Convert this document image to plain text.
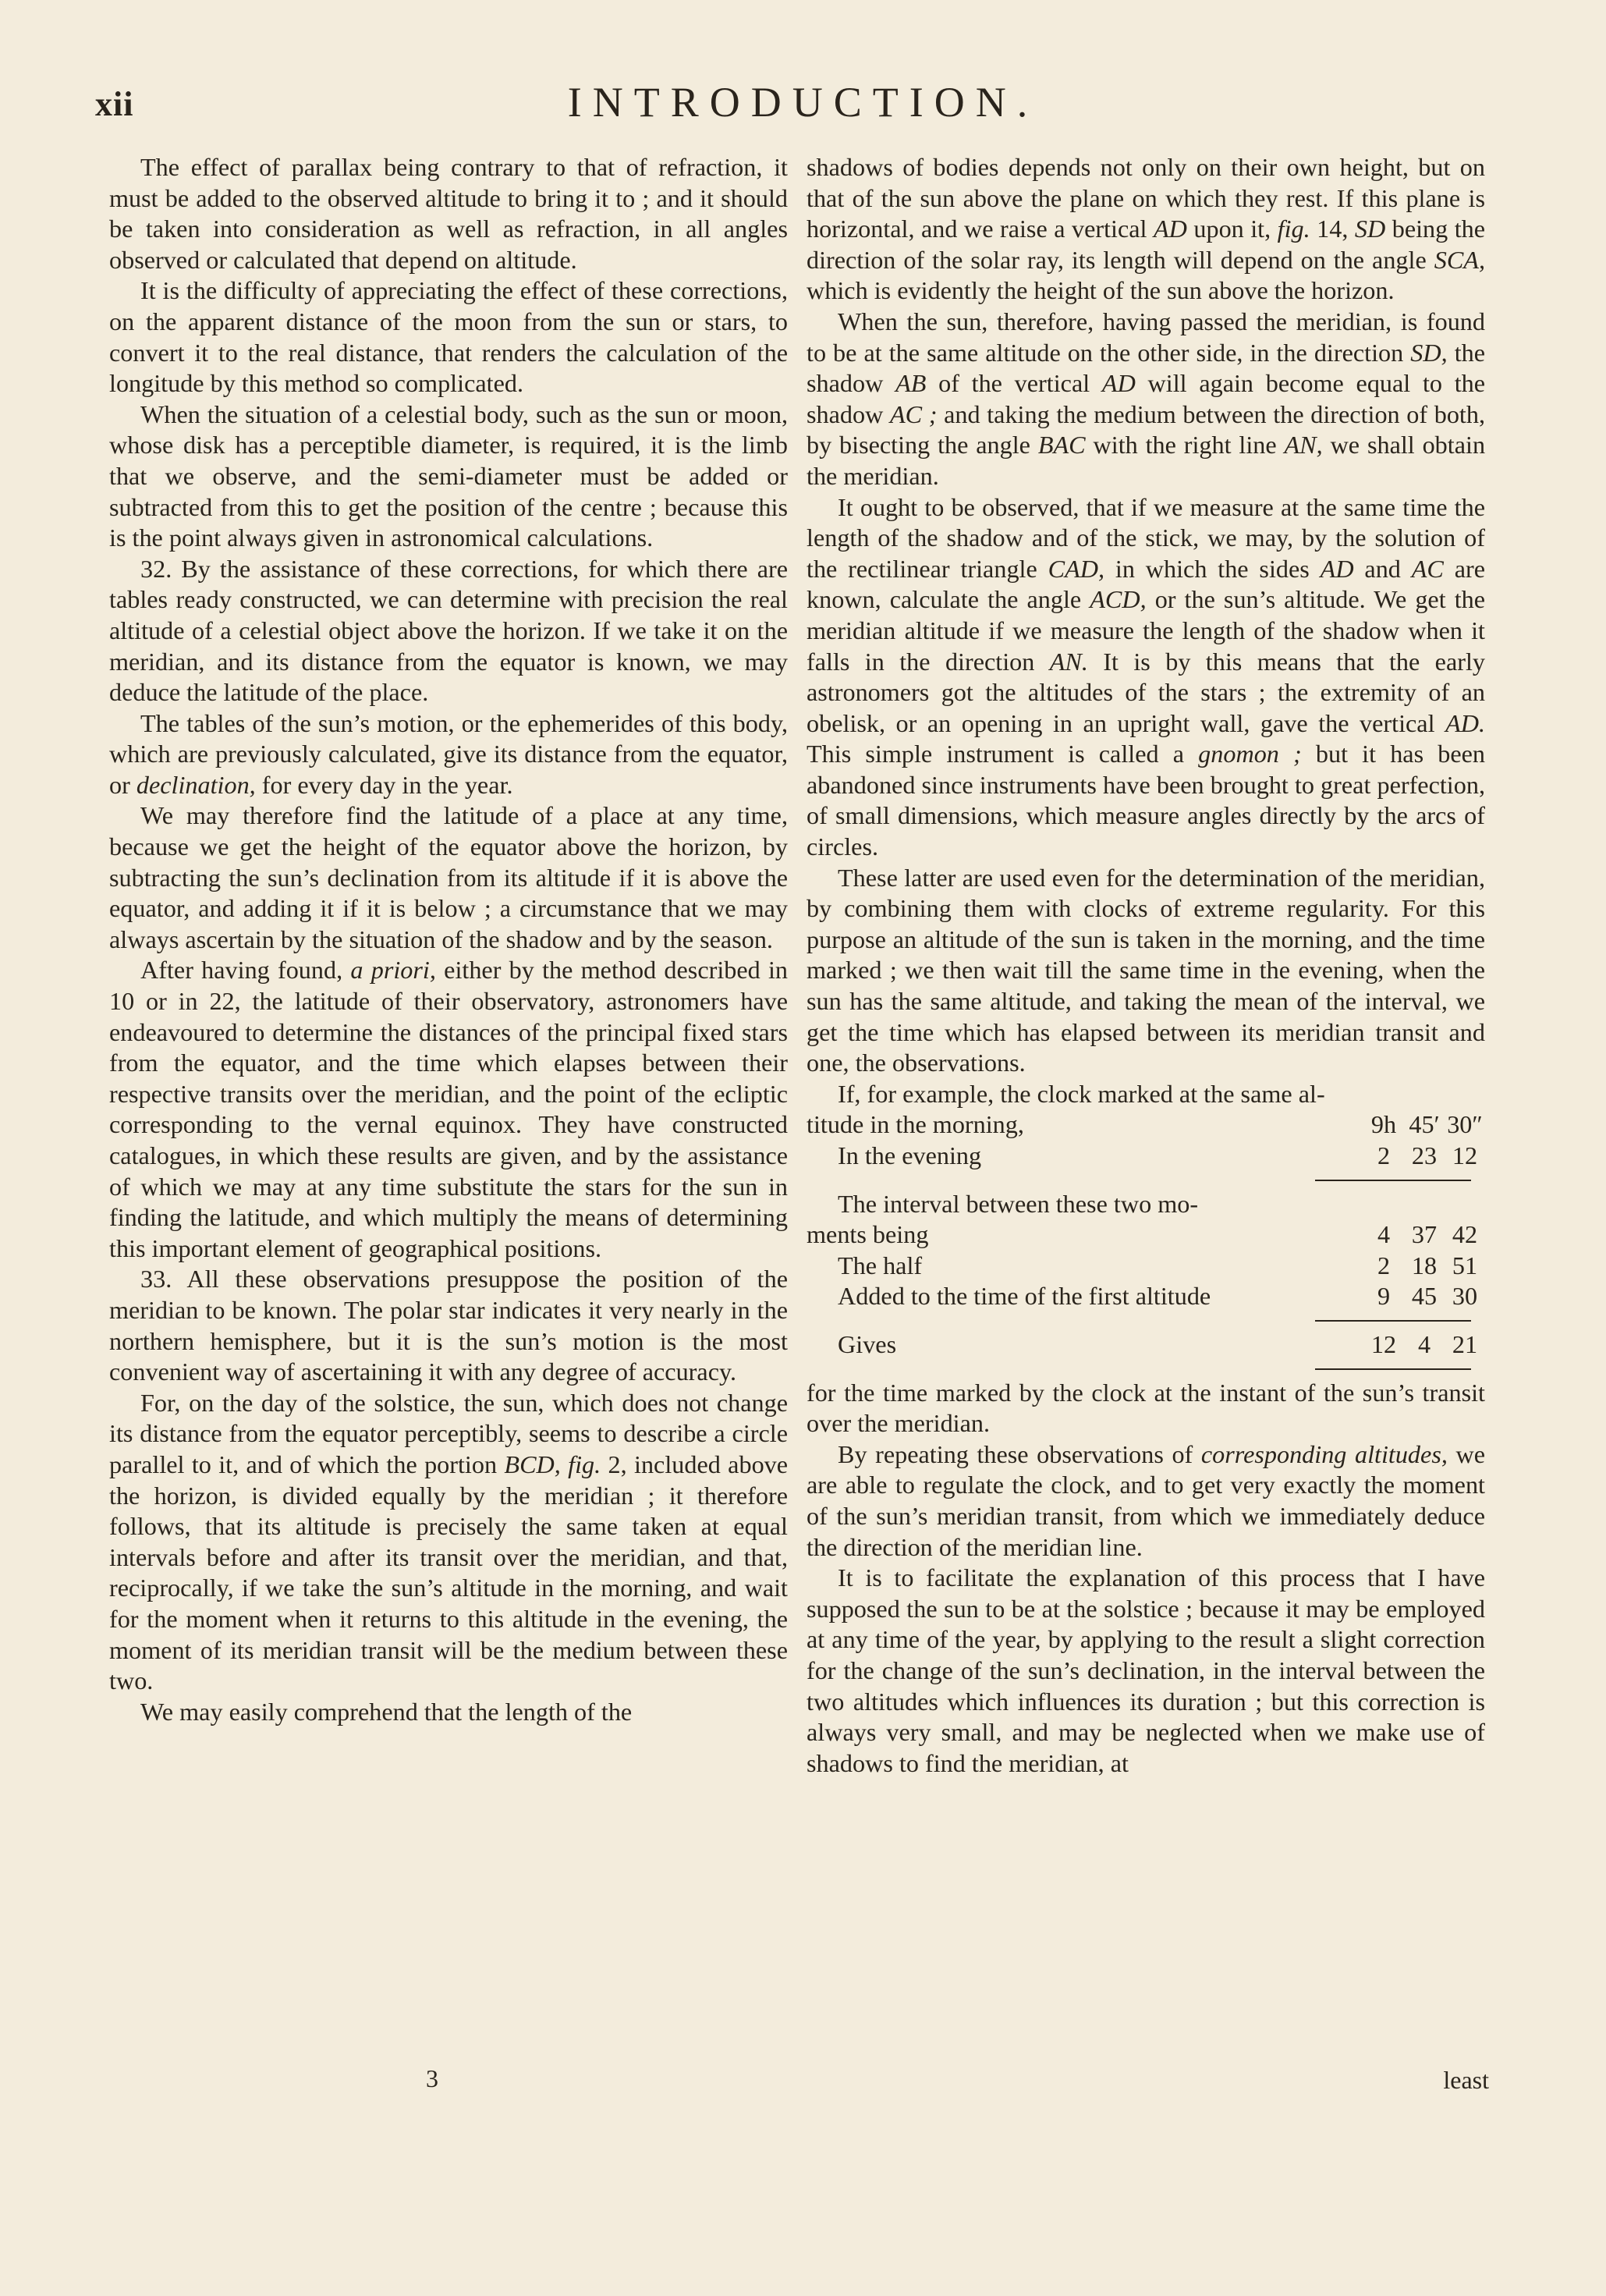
xii	INTRODUCTION.

The effect of parallax being contrary to that of refraction, it must be added to the observed altitude to bring it to ; and it should be taken into consideration as well as refraction, in all angles observed or calculated that depend on altitude.

It is the difficulty of appreciating the effect of these corrections, on the apparent distance of the moon from the sun or stars, to convert it to the real distance, that renders the calculation of the longitude by this method so complicated.

When the situation of a celestial body, such as the sun or moon, whose disk has a perceptible diameter, is required, it is the limb that we observe, and the semi-diameter must be added or subtracted from this to get the position of the centre ; because this is the point always given in astronomical calculations.

32. By the assistance of these corrections, for which there are tables ready constructed, we can determine with precision the real altitude of a celestial object above the horizon. If we take it on the meridian, and its distance from the equator is known, we may deduce the latitude of the place.

The tables of the sun’s motion, or the ephemerides of this body, which are previously calculated, give its distance from the equator, or declination, for every day in the year.

We may therefore find the latitude of a place at any time, because we get the height of the equator above the horizon, by subtracting the sun’s declination from its altitude if it is above the equator, and adding it if it is below ; a circumstance that we may always ascertain by the situation of the shadow and by the season.

After having found, a priori, either by the method described in 10 or in 22, the latitude of their observatory, astronomers have endeavoured to determine the distances of the principal fixed stars from the equator, and the time which elapses between their respective transits over the meridian, and the point of the ecliptic corresponding to the vernal equinox. They have constructed catalogues, in which these results are given, and by the assistance of which we may at any time substitute the stars for the sun in finding the latitude, and which multiply the means of determining this important element of geographical positions.

33. All these observations presuppose the position of the meridian to be known. The polar star indicates it very nearly in the northern hemisphere, but it is the sun’s motion is the most convenient way of ascertaining it with any degree of accuracy.

For, on the day of the solstice, the sun, which does not change its distance from the equator perceptibly, seems to describe a circle parallel to it, and of which the portion BCD, fig. 2, included above the horizon, is divided equally by the meridian ; it therefore follows, that its altitude is precisely the same taken at equal intervals before and after its transit over the meridian, and that, reciprocally, if we take the sun’s altitude in the morning, and wait for the moment when it returns to this altitude in the evening, the moment of its meridian transit will be the medium between these two.

We may easily comprehend that the length of the

shadows of bodies depends not only on their own height, but on that of the sun above the plane on which they rest. If this plane is horizontal, and we raise a vertical AD upon it, fig. 14, SD being the direction of the solar ray, its length will depend on the angle SCA, which is evidently the height of the sun above the horizon.

When the sun, therefore, having passed the meridian, is found to be at the same altitude on the other side, in the direction SD, the shadow AB of the vertical AD will again become equal to the shadow AC ; and taking the medium between the direction of both, by bisecting the angle BAC with the right line AN, we shall obtain the meridian.

It ought to be observed, that if we measure at the same time the length of the shadow and of the stick, we may, by the solution of the rectilinear triangle CAD, in which the sides AD and AC are known, calculate the angle ACD, or the sun’s altitude. We get the meridian altitude if we measure the length of the shadow when it falls in the direction AN. It is by this means that the early astronomers got the altitudes of the stars ; the extremity of an obelisk, or an opening in an upright wall, gave the vertical AD. This simple instrument is called a gnomon ; but it has been abandoned since instruments have been brought to great perfection, of small dimensions, which measure angles directly by the arcs of circles.

These latter are used even for the determination of the meridian, by combining them with clocks of extreme regularity. For this purpose an altitude of the sun is taken in the morning, and the time marked ; we then wait till the same time in the evening, when the sun has the same altitude, and taking the mean of the interval, we get the time which has elapsed between its meridian transit and one, the observations.

If, for example, the clock marked at the same al-

titude in the morning,	9h 45′ 30″
In the evening	2 23 12
The interval between these two mo-
ments being	4 37 42
The half	2 18 51
Added to the time of the first altitude	9 45 30
Gives	12 4 21

for the time marked by the clock at the instant of the sun’s transit over the meridian.

By repeating these observations of corresponding altitudes, we are able to regulate the clock, and to get very exactly the moment of the sun’s meridian transit, from which we immediately deduce the direction of the meridian line.

It is to facilitate the explanation of this process that I have supposed the sun to be at the solstice ; because it may be employed at any time of the year, by applying to the result a slight correction for the change of the sun’s declination, in the interval between the two altitudes which influences its duration ; but this correction is always very small, and may be neglected when we make use of shadows to find the meridian, at

3	least
